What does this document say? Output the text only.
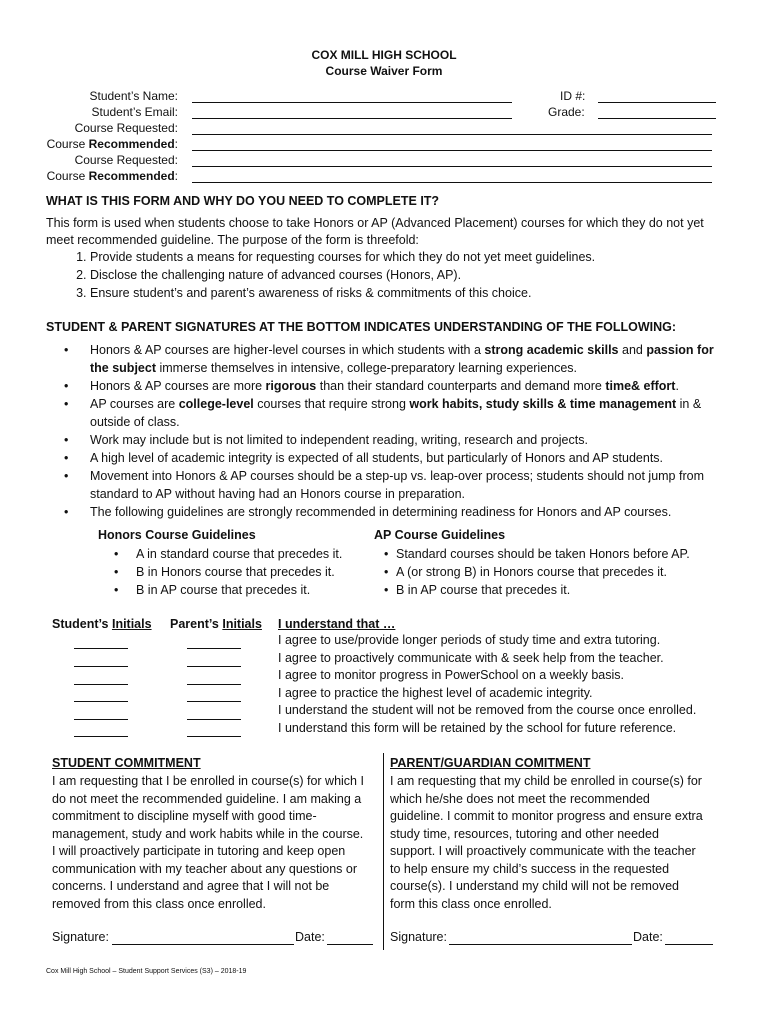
COX MILL HIGH SCHOOL
Course Waiver Form
Student’s Name:	ID #:
Student’s Email:	Grade:
Course Requested:
Course Recommended:
Course Requested:
Course Recommended:
WHAT IS THIS FORM AND WHY DO YOU NEED TO COMPLETE IT?
This form is used when students choose to take Honors or AP (Advanced Placement) courses for which they do not yet meet recommended guideline. The purpose of the form is threefold:
1. Provide students a means for requesting courses for which they do not yet meet guidelines.
2. Disclose the challenging nature of advanced courses (Honors, AP).
3. Ensure student’s and parent’s awareness of risks & commitments of this choice.
STUDENT & PARENT SIGNATURES AT THE BOTTOM INDICATES UNDERSTANDING OF THE FOLLOWING:
• Honors & AP courses are higher-level courses in which students with a strong academic skills and passion for the subject immerse themselves in intensive, college-preparatory learning experiences.
• Honors & AP courses are more rigorous than their standard counterparts and demand more time& effort.
• AP courses are college-level courses that require strong work habits, study skills & time management in & outside of class.
• Work may include but is not limited to independent reading, writing, research and projects.
• A high level of academic integrity is expected of all students, but particularly of Honors and AP students.
• Movement into Honors & AP courses should be a step-up vs. leap-over process; students should not jump from standard to AP without having had an Honors course in preparation.
• The following guidelines are strongly recommended in determining readiness for Honors and AP courses.
Honors Course Guidelines
• A in standard course that precedes it.
• B in Honors course that precedes it.
• B in AP course that precedes it.
AP Course Guidelines
• Standard courses should be taken Honors before AP.
• A (or strong B) in Honors course that precedes it.
• B in AP course that precedes it.
Student’s Initials Parent’s Initials I understand that …
I agree to use/provide longer periods of study time and extra tutoring.
I agree to proactively communicate with & seek help from the teacher.
I agree to monitor progress in PowerSchool on a weekly basis.
I agree to practice the highest level of academic integrity.
I understand the student will not be removed from the course once enrolled.
I understand this form will be retained by the school for future reference.
STUDENT COMMITMENT
I am requesting that I be enrolled in course(s) for which I
do not meet the recommended guideline. I am making a
commitment to discipline myself with good time-
management, study and work habits while in the course.
I will proactively participate in tutoring and keep open
communication with my teacher about any questions or
concerns. I understand and agree that I will not be
removed from this class once enrolled.
Signature:	Date:
PARENT/GUARDIAN COMITMENT
I am requesting that my child be enrolled in course(s) for
which he/she does not meet the recommended
guideline. I commit to monitor progress and ensure extra
study time, resources, tutoring and other needed
support. I will proactively communicate with the teacher
to help ensure my child’s success in the requested
course(s). I understand my child will not be removed
form this class once enrolled.
Signature:	Date:
Cox Mill High School – Student Support Services (S3) – 2018-19
